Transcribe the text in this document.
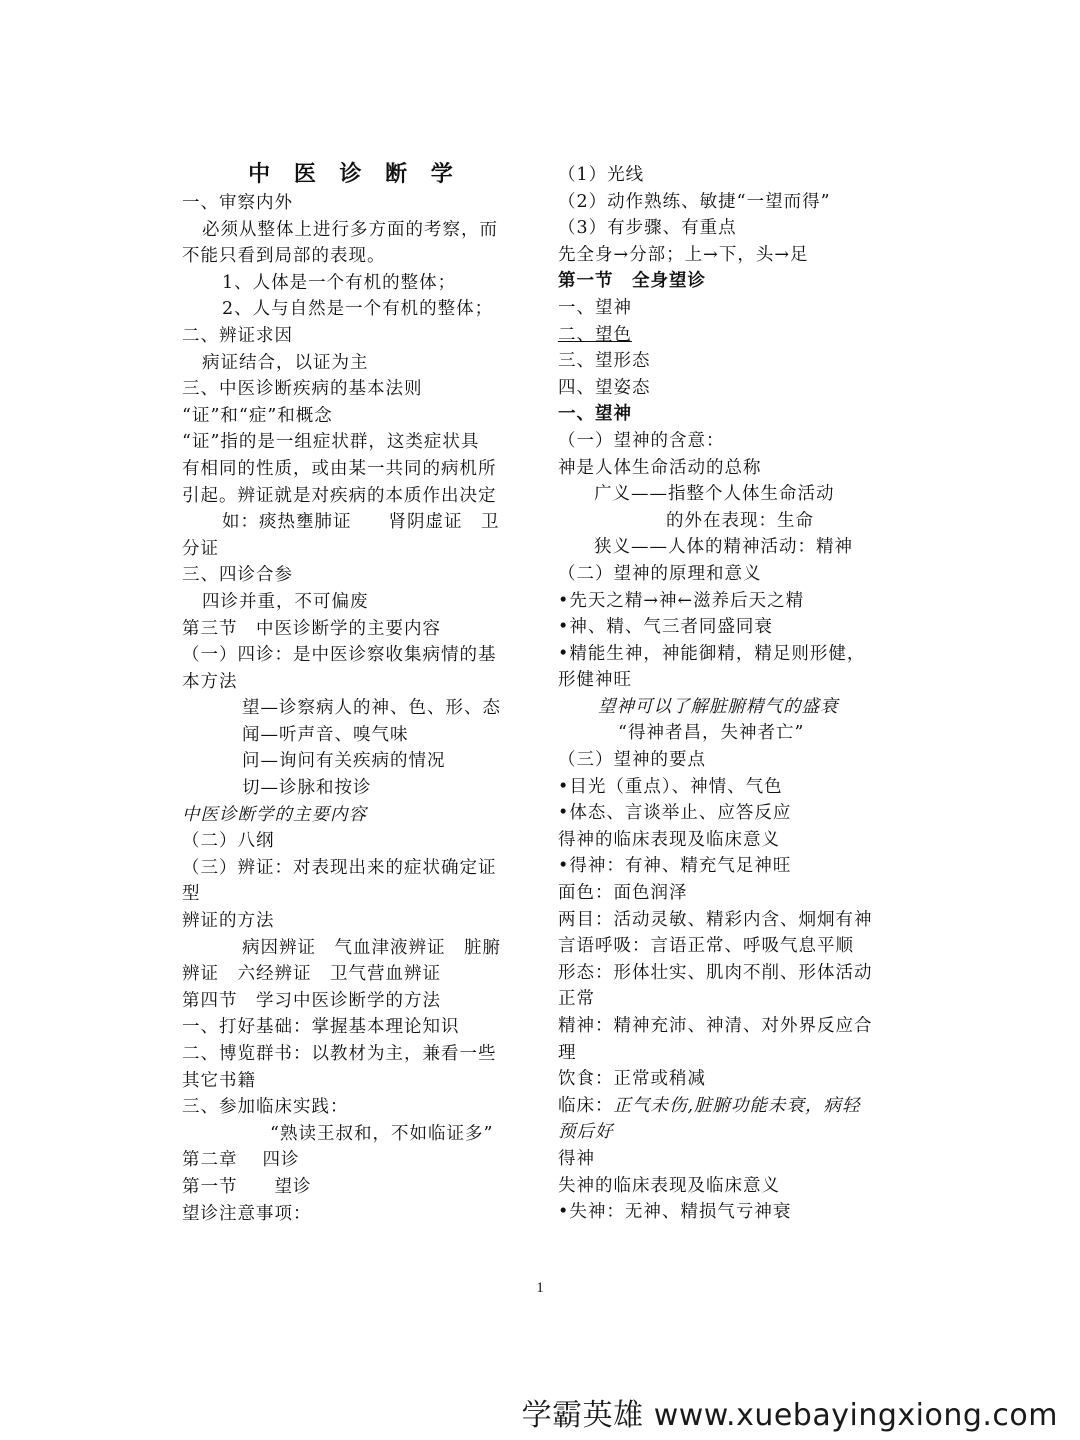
中 医 诊 断 学
一、审察内外
必须从整体上进行多方面的考察，而
不能只看到局部的表现。
1、人体是一个有机的整体；
2、人与自然是一个有机的整体；
二、辨证求因
病证结合，以证为主
三、中医诊断疾病的基本法则
“证”和“症”和概念
“证”指的是一组症状群，这类症状具
有相同的性质，或由某一共同的病机所
引起。辨证就是对疾病的本质作出决定
如：痰热壅肺证　　肾阴虚证　卫
分证
三、四诊合参
四诊并重，不可偏废
第三节　中医诊断学的主要内容
（一）四诊：是中医诊察收集病情的基
本方法
望—诊察病人的神、色、形、态
闻—听声音、嗅气味
问—询问有关疾病的情况
切—诊脉和按诊
中医诊断学的主要内容
（二）八纲
（三）辨证：对表现出来的症状确定证
型
辨证的方法
病因辨证　气血津液辨证　脏腑
辨证　六经辨证　卫气营血辨证
第四节　学习中医诊断学的方法
一、打好基础：掌握基本理论知识
二、博览群书：以教材为主，兼看一些
其它书籍
三、参加临床实践：
“熟读王叔和，不如临证多”
第二章　 四诊
第一节　　望诊
望诊注意事项：
（1）光线
（2）动作熟练、敏捷“一望而得”
（3）有步骤、有重点
先全身→分部；上→下，头→足
第一节　全身望诊
一、望神
二、望色
三、望形态
四、望姿态
一、望神
（一）望神的含意：
神是人体生命活动的总称
广义——指整个人体生命活动
的外在表现：生命
狭义——人体的精神活动：精神
（二）望神的原理和意义
•先天之精→神←滋养后天之精
•神、精、气三者同盛同衰
•精能生神，神能御精，精足则形健，
形健神旺
望神可以了解脏腑精气的盛衰
“得神者昌，失神者亡”
（三）望神的要点
•目光（重点）、神情、气色
•体态、言谈举止、应答反应
得神的临床表现及临床意义
•得神：有神、精充气足神旺
面色：面色润泽
两目：活动灵敏、精彩内含、炯炯有神
言语呼吸：言语正常、呼吸气息平顺
形态：形体壮实、肌肉不削、形体活动
正常
精神：精神充沛、神清、对外界反应合
理
饮食：正常或稍减
临床：正气未伤,脏腑功能未衰，病轻
预后好
得神
失神的临床表现及临床意义
•失神：无神、精损气亏神衰
1
学霸英雄 www.xuebayingxiong.com
